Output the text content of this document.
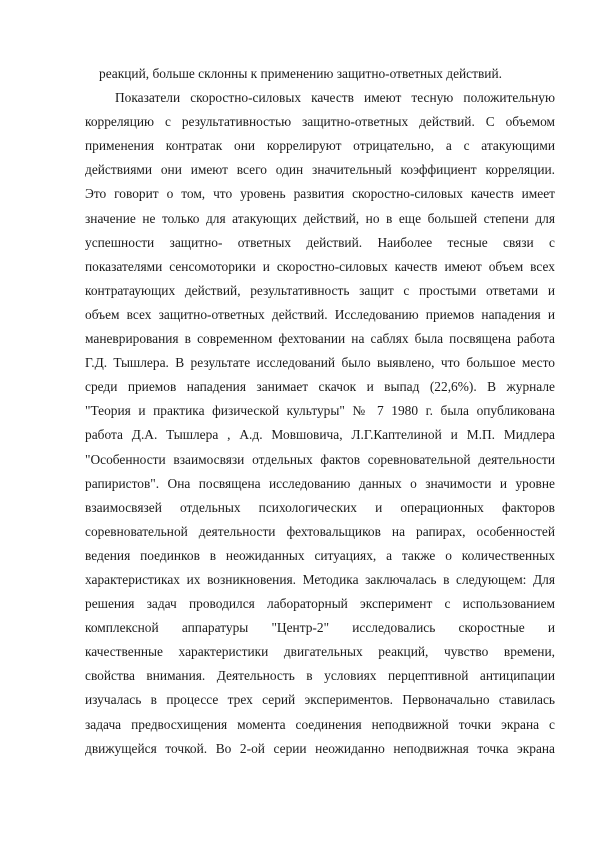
реакций, больше склонны к применению защитно-ответных действий.
Показатели скоростно-силовых качеств имеют тесную положительную
корреляцию с результативностью защитно-ответных действий. С объемом
применения контратак они коррелируют отрицательно, а с атакующими
действиями они имеют всего один значительный коэффициент корреляции.
Это говорит о том, что уровень развития скоростно-силовых качеств имеет
значение не только для атакующих действий, но в еще большей степени для
успешности защитно- ответных действий. Наиболее тесные связи с
показателями сенсомоторики и скоростно-силовых качеств имеют объем всех
контратаующих действий, результативность защит с простыми ответами и
объем всех защитно-ответных действий. Исследованию приемов нападения и
маневрирования в современном фехтовании на саблях была посвящена работа
Г.Д. Тышлера. В результате исследований было выявлено, что большое место
среди приемов нападения занимает скачок и выпад (22,6%). В журнале
"Теория и практика физической культуры" № 7 1980 г. была опубликована
работа Д.А. Тышлера , А.д. Мовшовича, Л.Г.Каптелиной и М.П. Мидлера
"Особенности взаимосвязи отдельных фактов соревновательной деятельности
рапиристов". Она посвящена исследованию данных о значимости и уровне
взаимосвязей отдельных психологических и операционных факторов
соревновательной деятельности фехтовальщиков на рапирах, особенностей
ведения поединков в неожиданных ситуациях, а также о количественных
характеристиках их возникновения. Методика заключалась в следующем: Для
решения задач проводился лабораторный эксперимент с использованием
комплексной аппаратуры "Центр-2" исследовались скоростные и
качественные характеристики двигательных реакций, чувство времени,
свойства внимания. Деятельность в условиях перцептивной антиципации
изучалась в процессе трех серий экспериментов. Первоначально ставилась
задача предвосхищения момента соединения неподвижной точки экрана с
движущейся точкой. Во 2-ой серии неожиданно неподвижная точка экрана
